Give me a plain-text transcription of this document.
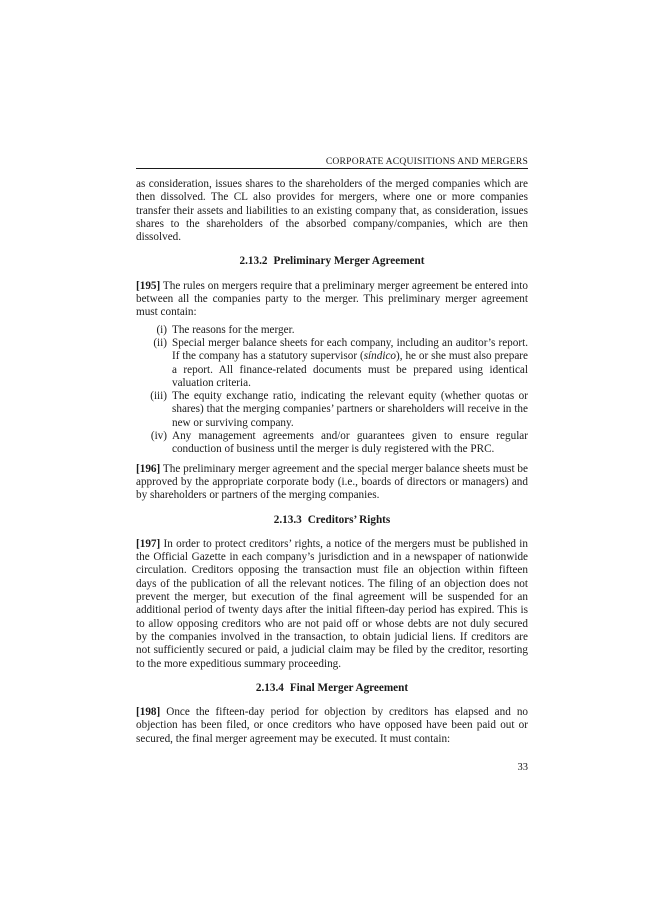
CORPORATE ACQUISITIONS AND MERGERS

as consideration, issues shares to the shareholders of the merged companies which are then dissolved. The CL also provides for mergers, where one or more companies transfer their assets and liabilities to an existing company that, as consideration, issues shares to the shareholders of the absorbed company/companies, which are then dissolved.

2.13.2 Preliminary Merger Agreement

[195] The rules on mergers require that a preliminary merger agreement be entered into between all the companies party to the merger. This preliminary merger agreement must contain:

(i) The reasons for the merger.
(ii) Special merger balance sheets for each company, including an auditor’s report. If the company has a statutory supervisor (síndico), he or she must also prepare a report. All finance-related documents must be prepared using identical valuation criteria.
(iii) The equity exchange ratio, indicating the relevant equity (whether quotas or shares) that the merging companies’ partners or shareholders will receive in the new or surviving company.
(iv) Any management agreements and/or guarantees given to ensure regular conduction of business until the merger is duly registered with the PRC.

[196] The preliminary merger agreement and the special merger balance sheets must be approved by the appropriate corporate body (i.e., boards of directors or managers) and by shareholders or partners of the merging companies.

2.13.3 Creditors’ Rights

[197] In order to protect creditors’ rights, a notice of the mergers must be published in the Official Gazette in each company’s jurisdiction and in a newspaper of nationwide circulation. Creditors opposing the transaction must file an objection within fifteen days of the publication of all the relevant notices. The filing of an objection does not prevent the merger, but execution of the final agreement will be suspended for an additional period of twenty days after the initial fifteen-day period has expired. This is to allow opposing creditors who are not paid off or whose debts are not duly secured by the companies involved in the transaction, to obtain judicial liens. If creditors are not sufficiently secured or paid, a judicial claim may be filed by the creditor, resorting to the more expeditious summary proceeding.

2.13.4 Final Merger Agreement

[198] Once the fifteen-day period for objection by creditors has elapsed and no objection has been filed, or once creditors who have opposed have been paid out or secured, the final merger agreement may be executed. It must contain:

33
